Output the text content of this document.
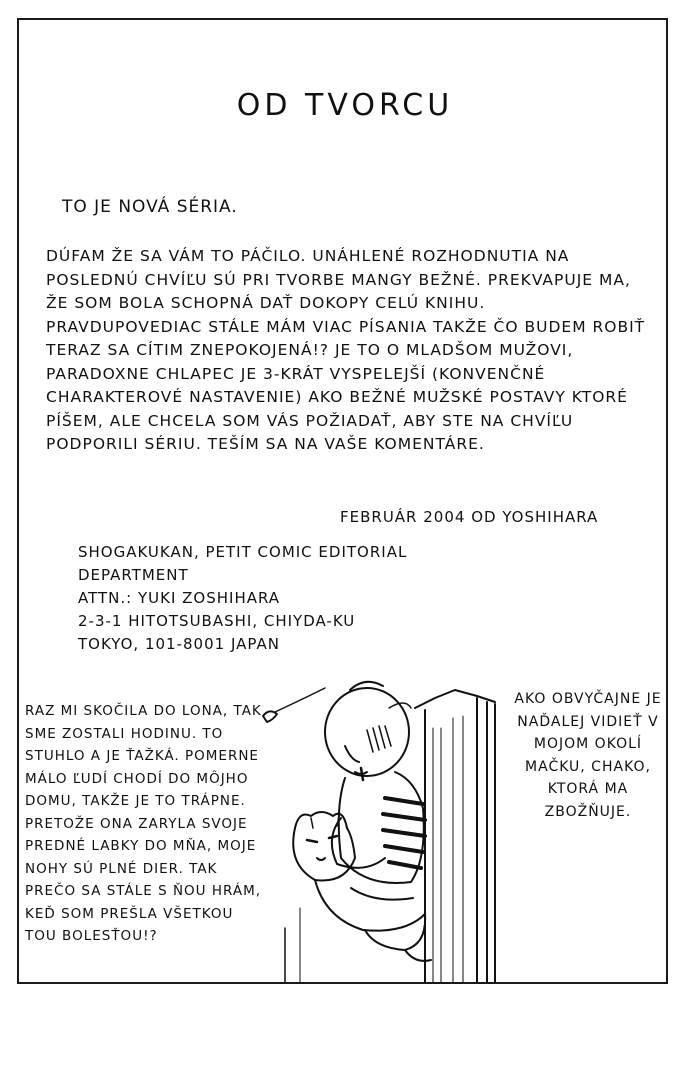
OD TVORCU
TO JE NOVÁ SÉRIA.

DÚFAM ŽE SA VÁM TO PÁČILO. UNÁHLENÉ ROZHODNUTIA NA POSLEDNÚ CHVÍĽU SÚ PRI TVORBE MANGY BEŽNÉ. PREKVAPUJE MA, ŽE SOM BOLA SCHOPNÁ DAŤ DOKOPY CELÚ KNIHU. PRAVDUPOVEDIAC STÁLE MÁM VIAC PÍSANIA TAKŽE ČO BUDEM ROBIŤ TERAZ SA CÍTIM ZNEPOKOJENÁ!? JE TO O MLADŠOM MUŽOVI, PARADOXNE CHLAPEC JE 3-KRÁT VYSPELEJŠÍ (KONVENČNÉ CHARAKTEROVÉ NASTAVENIE) AKO BEŽNÉ MUŽSKÉ POSTAVY KTORÉ PÍŠEM, ALE CHCELA SOM VÁS POŽIADAŤ, ABY STE NA CHVÍĽU PODPORILI SÉRIU. TEŠÍM SA NA VAŠE KOMENTÁRE.

FEBRUÁR 2004 OD YOSHIHARA
SHOGAKUKAN, PETIT COMIC EDITORIAL
DEPARTMENT
ATTN.: YUKI ZOSHIHARA
2-3-1 HITOTSUBASHI, CHIYDA-KU
TOKYO, 101-8001 JAPAN

RAZ MI SKOČILA DO LONA, TAK SME ZOSTALI HODINU. TO STUHLO A JE ŤAŽKÁ. POMERNE MÁLO ĽUDÍ CHODÍ DO MÔJHO DOMU, TAKŽE JE TO TRÁPNE. PRETOŽE ONA ZARYLA SVOJE PREDNÉ LABKY DO MŇA, MOJE NOHY SÚ PLNÉ DIER. TAK PREČO SA STÁLE S ŇOU HRÁM, KEĎ SOM PREŠLA VŠETKOU TOU BOLESŤOU!?

AKO OBVYČAJNE JE NAĎALEJ VIDIEŤ V MOJOM OKOLÍ MAČKU, CHAKO, KTORÁ MA ZBOŽŇUJE.
